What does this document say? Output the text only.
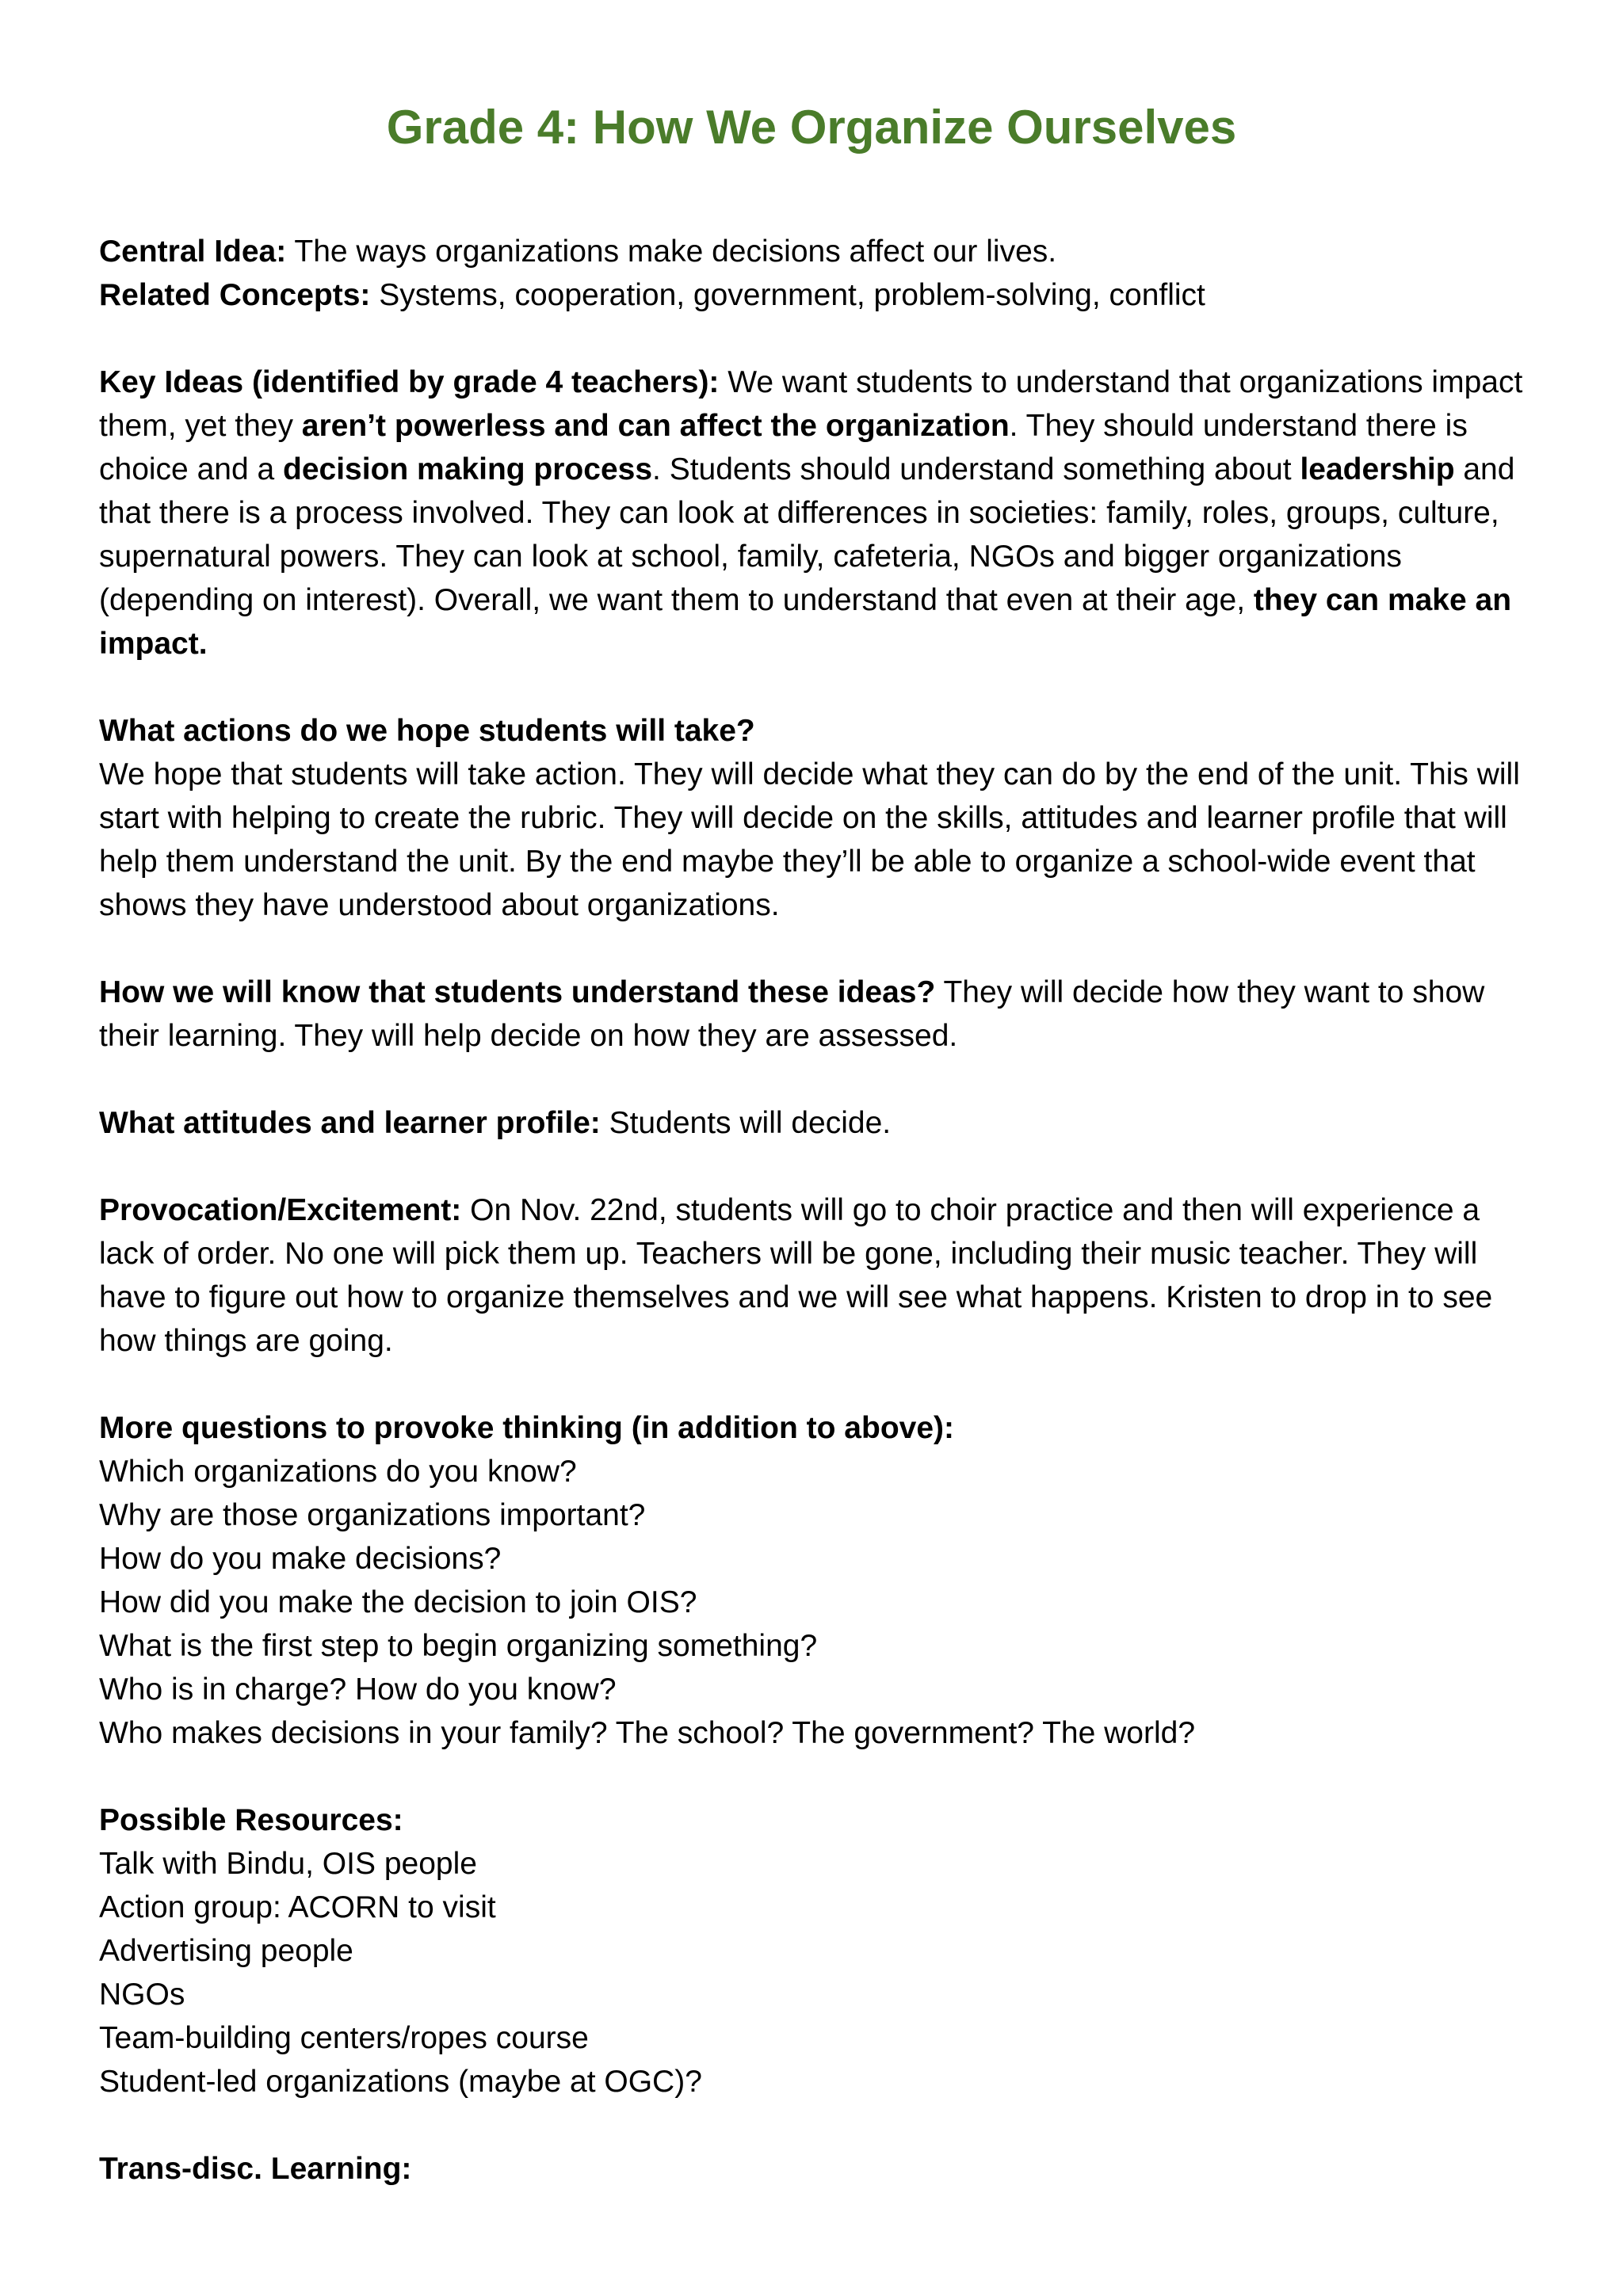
Grade 4: How We Organize Ourselves

Central Idea: The ways organizations make decisions affect our lives.
Related Concepts: Systems, cooperation, government, problem-solving, conflict

Key Ideas (identified by grade 4 teachers): We want students to understand that organizations impact them, yet they aren’t powerless and can affect the organization. They should understand there is choice and a decision making process. Students should understand something about leadership and that there is a process involved. They can look at differences in societies: family, roles, groups, culture, supernatural powers. They can look at school, family, cafeteria, NGOs and bigger organizations (depending on interest). Overall, we want them to understand that even at their age, they can make an impact.

What actions do we hope students will take?
We hope that students will take action. They will decide what they can do by the end of the unit. This will start with helping to create the rubric. They will decide on the skills, attitudes and learner profile that will help them understand the unit. By the end maybe they’ll be able to organize a school-wide event that shows they have understood about organizations.

How we will know that students understand these ideas? They will decide how they want to show their learning. They will help decide on how they are assessed.

What attitudes and learner profile: Students will decide.

Provocation/Excitement: On Nov. 22nd, students will go to choir practice and then will experience a lack of order. No one will pick them up. Teachers will be gone, including their music teacher. They will have to figure out how to organize themselves and we will see what happens. Kristen to drop in to see how things are going.

More questions to provoke thinking (in addition to above):
Which organizations do you know?
Why are those organizations important?
How do you make decisions?
How did you make the decision to join OIS?
What is the first step to begin organizing something?
Who is in charge? How do you know?
Who makes decisions in your family? The school? The government? The world?

Possible Resources:
Talk with Bindu, OIS people
Action group: ACORN to visit
Advertising people
NGOs
Team-building centers/ropes course
Student-led organizations (maybe at OGC)?

Trans-disc. Learning:
